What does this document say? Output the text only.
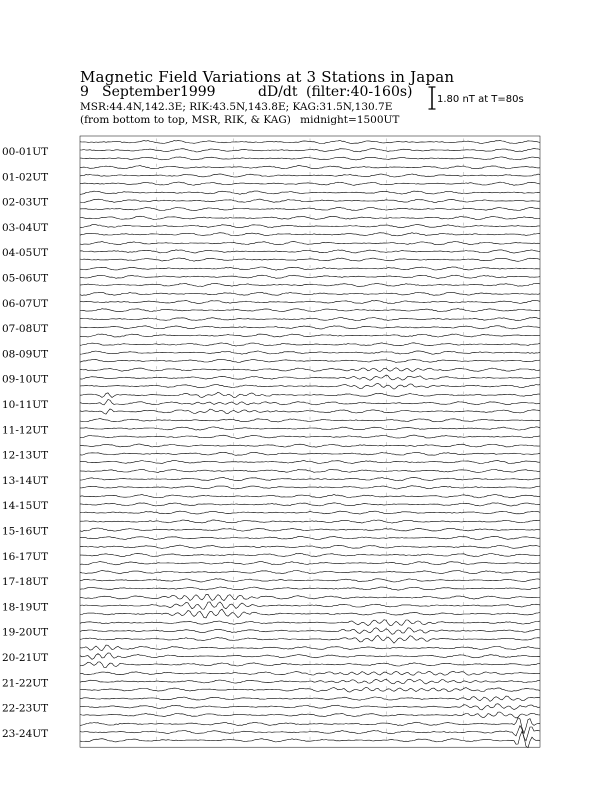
Magnetic Field Variations at 3 Stations in Japan
9 September1999	dD/dt (filter:40-160s)
MSR:44.4N,142.3E; RIK:43.5N,143.8E; KAG:31.5N,130.7E
(from bottom to top, MSR, RIK, & KAG) midnight=1500UT
1.80 nT at T=80s
00-01UT
01-02UT
02-03UT
03-04UT
04-05UT
05-06UT
06-07UT
07-08UT
08-09UT
09-10UT
10-11UT
11-12UT
12-13UT
13-14UT
14-15UT
15-16UT
16-17UT
17-18UT
18-19UT
19-20UT
20-21UT
21-22UT
22-23UT
23-24UT
